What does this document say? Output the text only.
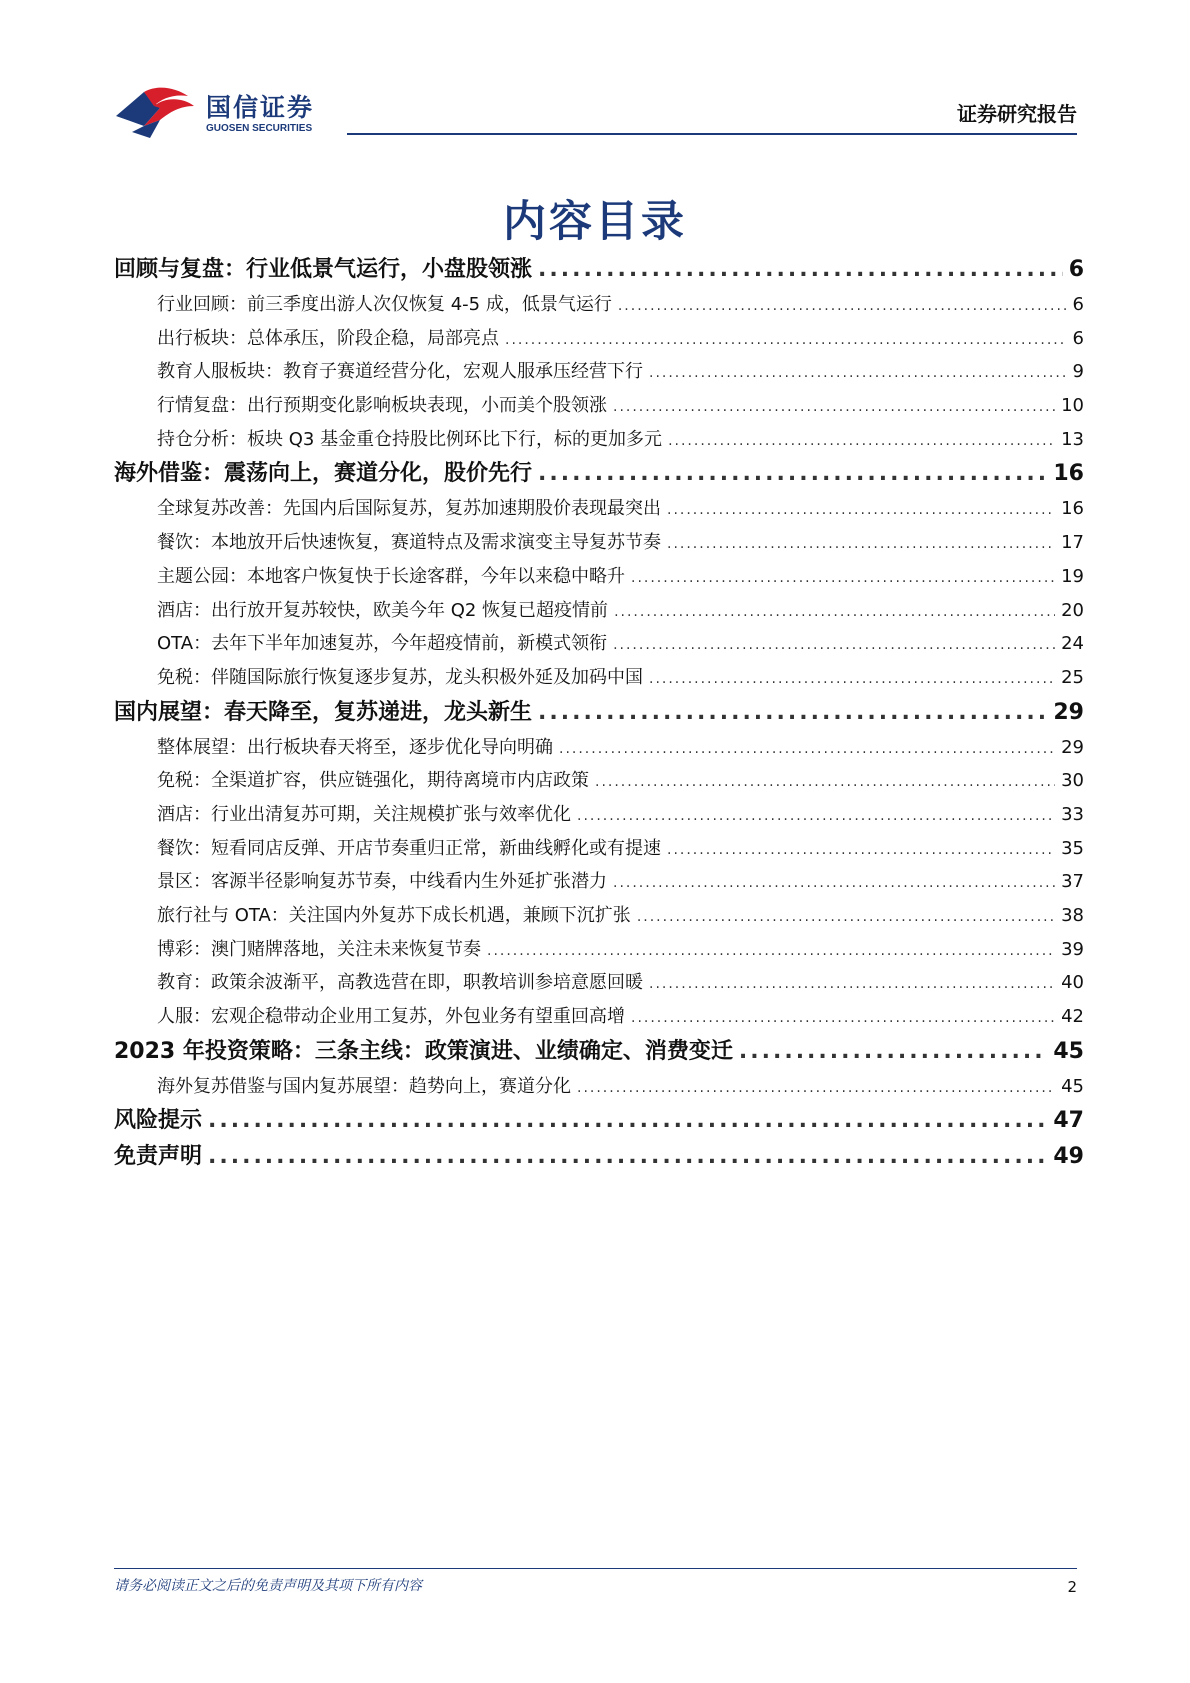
国信证券
GUOSEN SECURITIES
证券研究报告
内容目录
回顾与复盘：行业低景气运行，小盘股领涨 .....	6
行业回顾：前三季度出游人次仅恢复 4-5 成，低景气运行 .....	6
出行板块：总体承压，阶段企稳，局部亮点 .....	6
教育人服板块：教育子赛道经营分化，宏观人服承压经营下行 .....	9
行情复盘：出行预期变化影响板块表现，小而美个股领涨 .....	10
持仓分析：板块 Q3 基金重仓持股比例环比下行，标的更加多元 .....	13
海外借鉴：震荡向上，赛道分化，股价先行 .....	16
全球复苏改善：先国内后国际复苏，复苏加速期股价表现最突出 .....	16
餐饮：本地放开后快速恢复，赛道特点及需求演变主导复苏节奏 .....	17
主题公园：本地客户恢复快于长途客群，今年以来稳中略升 .....	19
酒店：出行放开复苏较快，欧美今年 Q2 恢复已超疫情前 .....	20
OTA：去年下半年加速复苏，今年超疫情前，新模式领衔 .....	24
免税：伴随国际旅行恢复逐步复苏，龙头积极外延及加码中国 .....	25
国内展望：春天降至，复苏递进，龙头新生 .....	29
整体展望：出行板块春天将至，逐步优化导向明确 .....	29
免税：全渠道扩容，供应链强化，期待离境市内店政策 .....	30
酒店：行业出清复苏可期，关注规模扩张与效率优化 .....	33
餐饮：短看同店反弹、开店节奏重归正常，新曲线孵化或有提速 .....	35
景区：客源半径影响复苏节奏，中线看内生外延扩张潜力 .....	37
旅行社与 OTA：关注国内外复苏下成长机遇，兼顾下沉扩张 .....	38
博彩：澳门赌牌落地，关注未来恢复节奏 .....	39
教育：政策余波渐平，高教选营在即，职教培训参培意愿回暖 .....	40
人服：宏观企稳带动企业用工复苏，外包业务有望重回高增 .....	42
2023 年投资策略：三条主线：政策演进、业绩确定、消费变迁 .....	45
海外复苏借鉴与国内复苏展望：趋势向上，赛道分化 .....	45
风险提示 .....	47
免责声明 .....	49
请务必阅读正文之后的免责声明及其项下所有内容	2
